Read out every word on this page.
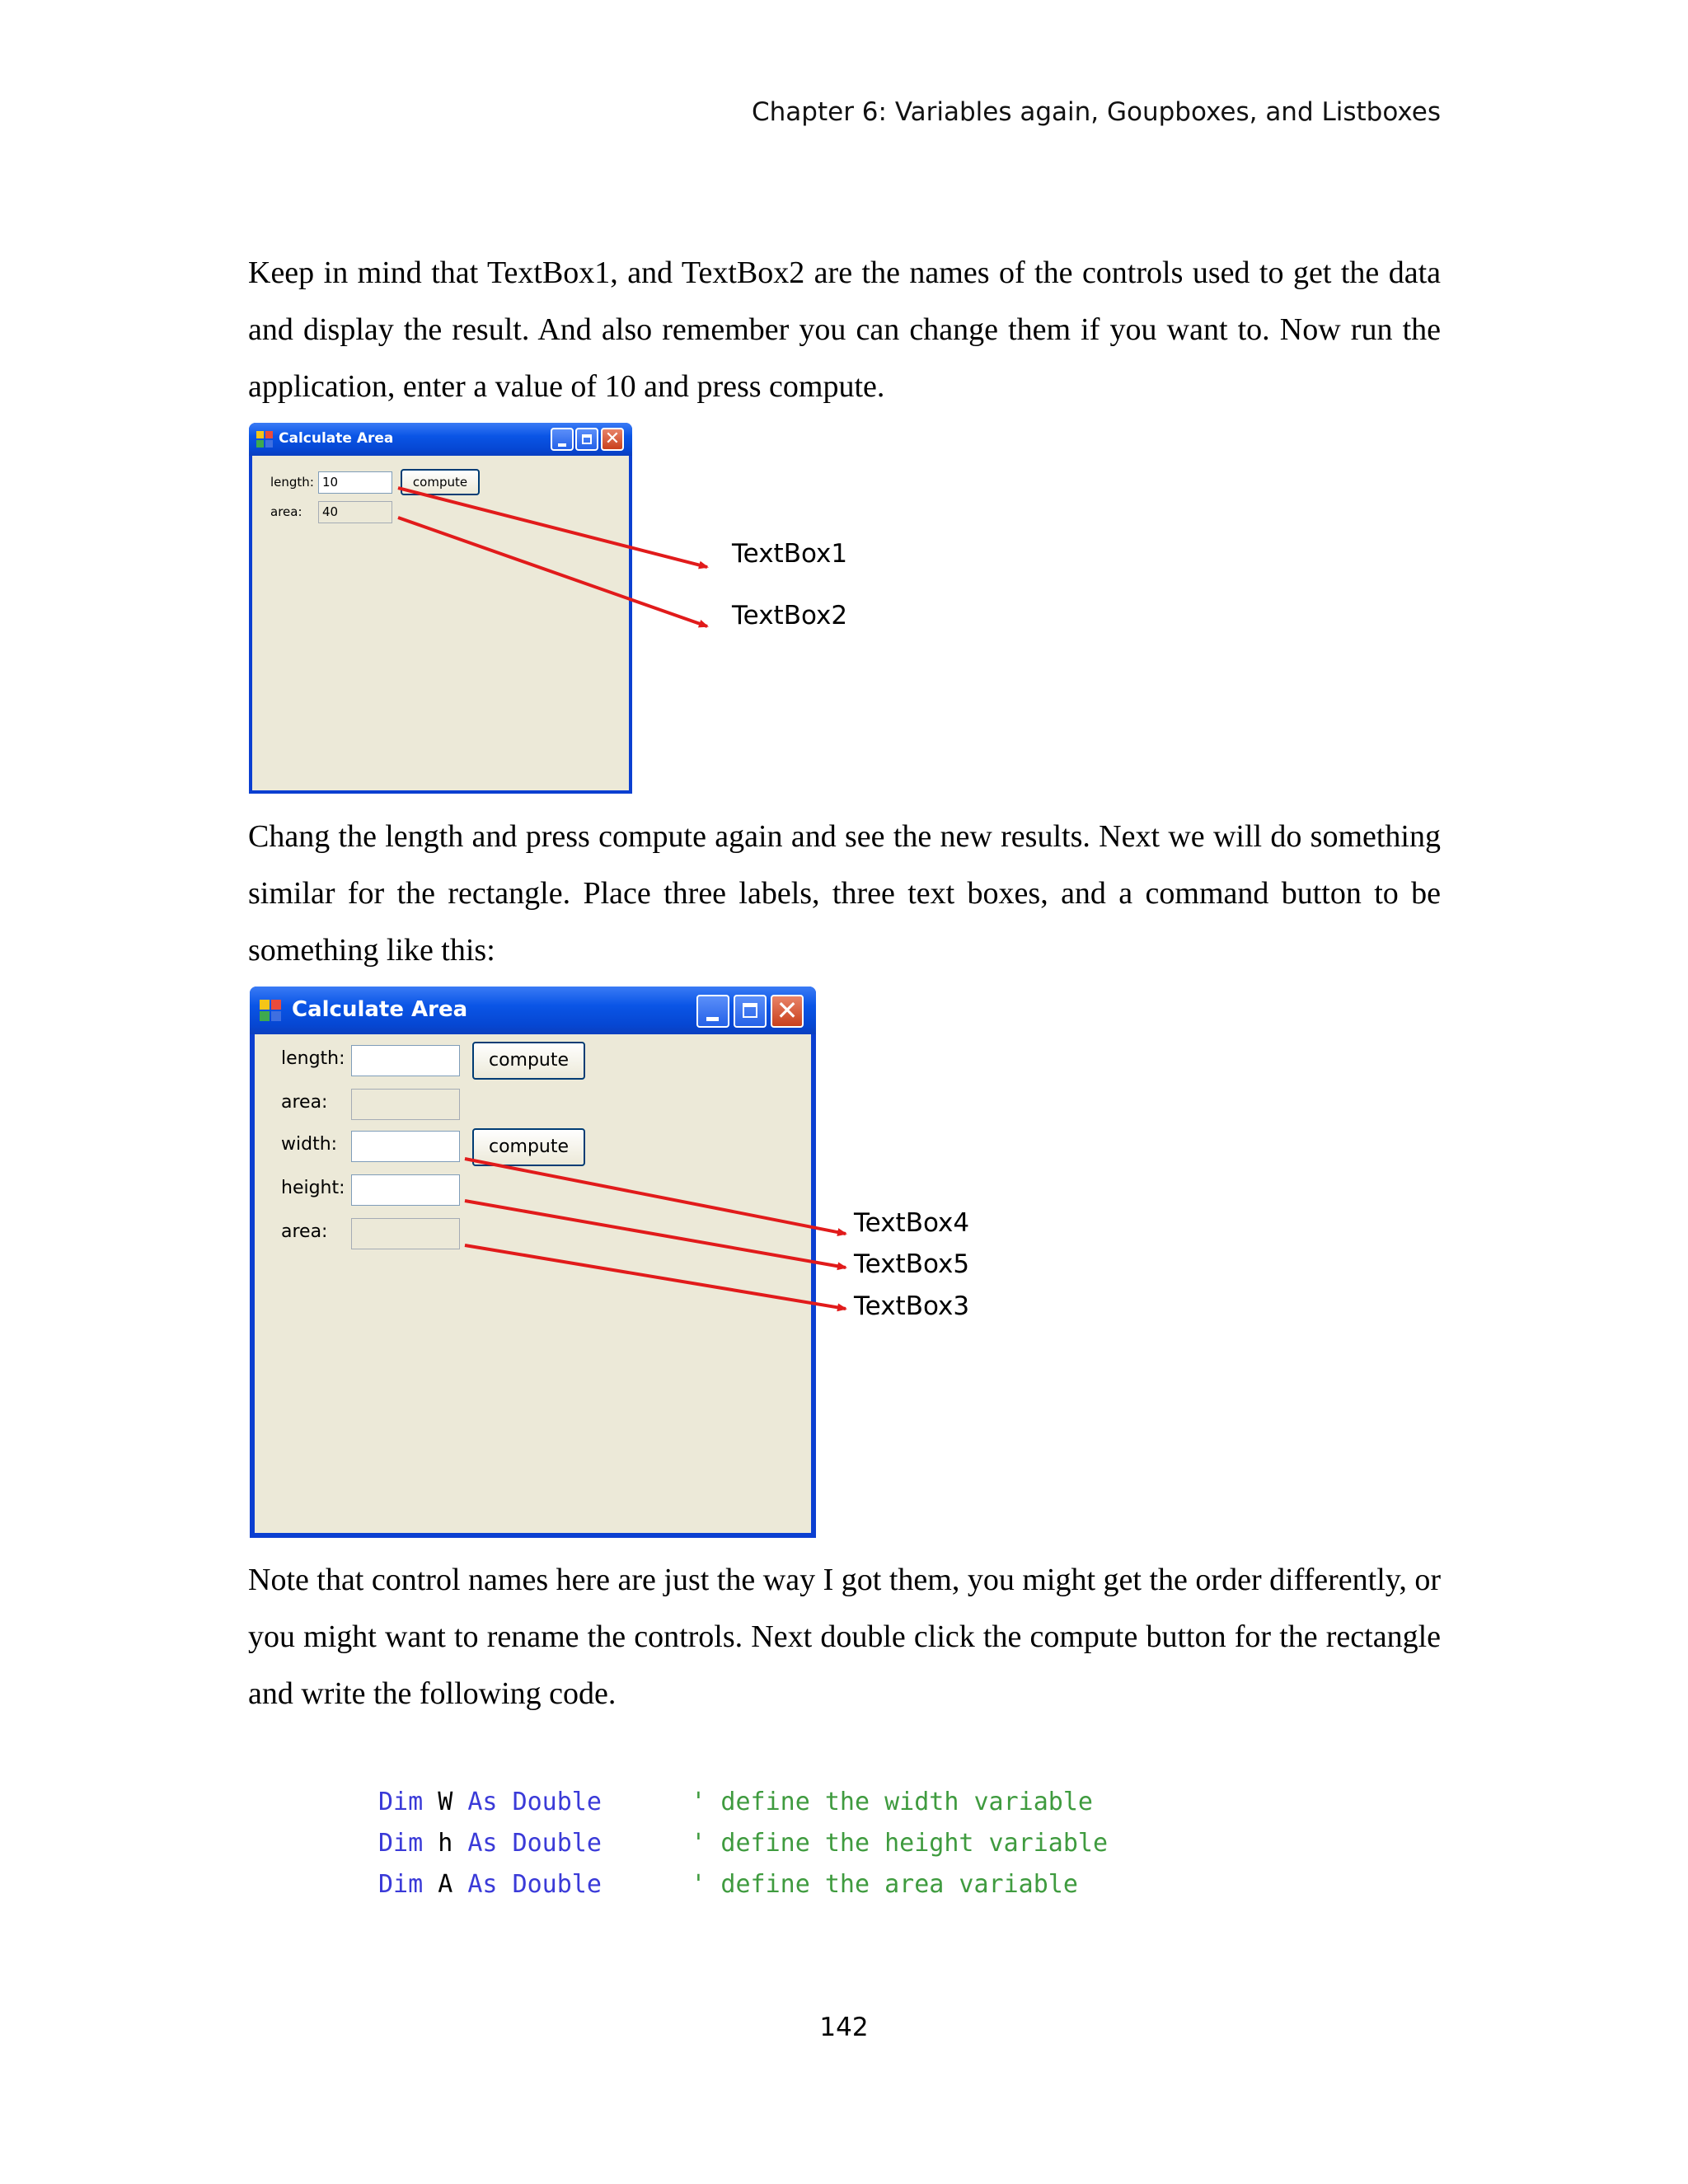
Chapter 6: Variables again, Goupboxes, and Listboxes

Keep in mind that TextBox1, and TextBox2 are the names of the controls used to get the data and display the result. And also remember you can change them if you want to. Now run the application, enter a value of 10 and press compute.

Calculate Area	✕
length: 10	compute
area:	40
TextBox1
TextBox2

Chang the length and press compute again and see the new results. Next we will do something similar for the rectangle. Place three labels, three text boxes, and a command button to be something like this:

Calculate Area	✕
length:	compute
area:
width:	compute
height:
area:	TextBox4
TextBox5
TextBox3

Note that control names here are just the way I got them, you might get the order differently, or you might want to rename the controls. Next double click the compute button for the rectangle and write the following code.

Dim W As Double	' define the width variable
Dim h As Double	' define the height variable
Dim A As Double	' define the area variable
142
